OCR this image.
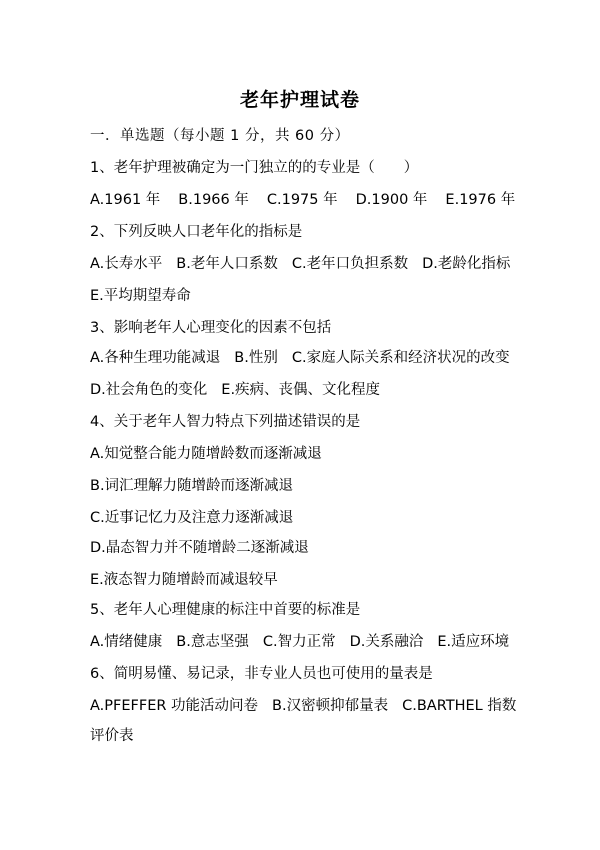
老年护理试卷
一．单选题（每小题 1 分，共 60 分）
1、老年护理被确定为一门独立的的专业是（　　）
A.1961 年 B.1966 年 C.1975 年 D.1900 年 E.1976 年
2、下列反映人口老年化的指标是
A.长寿水平 B.老年人口系数 C.老年口负担系数 D.老龄化指标
E.平均期望寿命
3、影响老年人心理变化的因素不包括
A.各种生理功能减退 B.性别 C.家庭人际关系和经济状况的改变
D.社会角色的变化 E.疾病、丧偶、文化程度
4、关于老年人智力特点下列描述错误的是
A.知觉整合能力随增龄数而逐渐减退
B.词汇理解力随增龄而逐渐减退
C.近事记忆力及注意力逐渐减退
D.晶态智力并不随增龄二逐渐减退
E.液态智力随增龄而减退较早
5、老年人心理健康的标注中首要的标准是
A.情绪健康 B.意志坚强 C.智力正常 D.关系融洽 E.适应环境
6、简明易懂、易记录，非专业人员也可使用的量表是
A.PFEFFER 功能活动问卷 B.汉密顿抑郁量表 C.BARTHEL 指数
评价表
